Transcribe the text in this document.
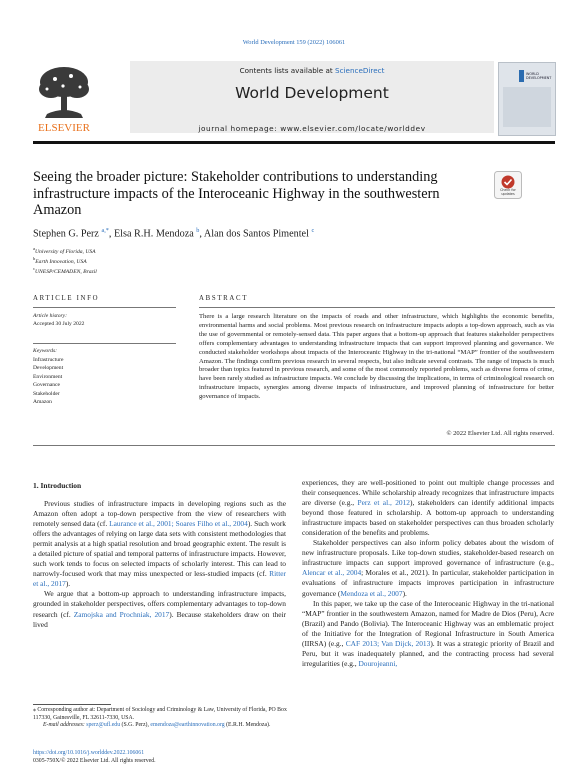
World Development 159 (2022) 106061
Contents lists available at ScienceDirect
World Development
journal homepage: www.elsevier.com/locate/worlddev
ELSEVIER
WORLD DEVELOPMENT
Seeing the broader picture: Stakeholder contributions to understanding infrastructure impacts of the Interoceanic Highway in the southwestern Amazon
Check for updates
Stephen G. Perz $^{a,*}$, Elsa R.H. Mendoza $^b$, Alan dos Santos Pimentel $^c$
$^a$University of Florida, USA
$^b$Earth Innovation, USA
$^c$UNESP/CEMADEN, Brazil
ARTICLE INFO	ABSTRACT
Article history:
Accepted 30 July 2022
Keywords:
Infrastructure
Development
Environment
Governance
Stakeholder
Amazon
There is a large research literature on the impacts of roads and other infrastructure, which highlights the economic benefits, environmental harms and social problems. Most previous research on infrastructure impacts adopts a top-down approach, such as via the use of governmental or remotely-sensed data. This paper argues that a bottom-up approach that features stakeholder perspectives offers complementary advantages to understanding infrastructure impacts that can support improved planning and governance. We conducted stakeholder workshops about impacts of the Interoceanic Highway in the tri-national “MAP” frontier of the southwestern Amazon. The findings confirm previous research in several respects, but also indicate several contrasts. The range of impacts is much broader than topics featured in previous research, and some of the most commonly reported problems, such as diverse forms of crime, have been rarely studied as infrastructure impacts. We conclude by discussing the implications, in terms of criminological research on infrastructure impacts, synergies among diverse impacts of infrastructure, and improved planning of infrastructure for better governance of impacts.
© 2022 Elsevier Ltd. All rights reserved.
1. Introduction

Previous studies of infrastructure impacts in developing regions such as the Amazon often adopt a top-down perspective from the view of researchers with remotely sensed data (cf. Laurance et al., 2001; Soares Filho et al., 2004). Such work offers the advantages of relying on large data sets with consistent methodologies that permit analysis at a high spatial resolution and broad geographic extent. The result is a detailed picture of spatial and temporal patterns of infrastructure impacts. However, such work tends to focus on selected impacts of scholarly interest. This can lead to narrowly-focused work that may miss unexpected or less-studied impacts (cf. Ritter et al., 2017).

We argue that a bottom-up approach to understanding infrastructure impacts, grounded in stakeholder perspectives, offers complementary advantages to top-down research (cf. Zamojska and Prochniak, 2017). Because stakeholders draw on their lived

experiences, they are well-positioned to point out multiple change processes and their consequences. While scholarship already recognizes that infrastructure impacts are diverse (e.g., Perz et al., 2012), stakeholders can identify additional impacts beyond those featured in scholarship. A bottom-up approach to understanding infrastructure impacts based on stakeholder perspectives can thus broaden scholarly consideration of the benefits and problems.

Stakeholder perspectives can also inform policy debates about the wisdom of new infrastructure proposals. Like top-down studies, stakeholder-based research on infrastructure impacts can support improved governance of infrastructure (e.g., Alencar et al., 2004; Morales et al., 2021). In particular, stakeholder participation in evaluations of infrastructure impacts improves participation in infrastructure governance (Mendoza et al., 2007).

In this paper, we take up the case of the Interoceanic Highway in the tri-national “MAP” frontier in the southwestern Amazon, named for Madre de Dios (Peru), Acre (Brazil) and Pando (Bolivia). The Interoceanic Highway was an emblematic project of the Initiative for the Integration of Regional Infrastructure in South America (IIRSA) (e.g., CAF 2013; Van Dijck, 2013). It was a strategic priority of Brazil and Peru, but it was inadequately planned, and the contracting process had several irregularities (e.g., Dourojeanni,

⁎ Corresponding author at: Department of Sociology and Criminology & Law, University of Florida, PO Box 117330, Gainesville, FL 32611-7330, USA.
E-mail addresses: sperz@ufl.edu (S.G. Perz), emendoza@earthinnovation.org (E.R.H. Mendoza).
https://doi.org/10.1016/j.worlddev.2022.106061
0305-750X/© 2022 Elsevier Ltd. All rights reserved.
